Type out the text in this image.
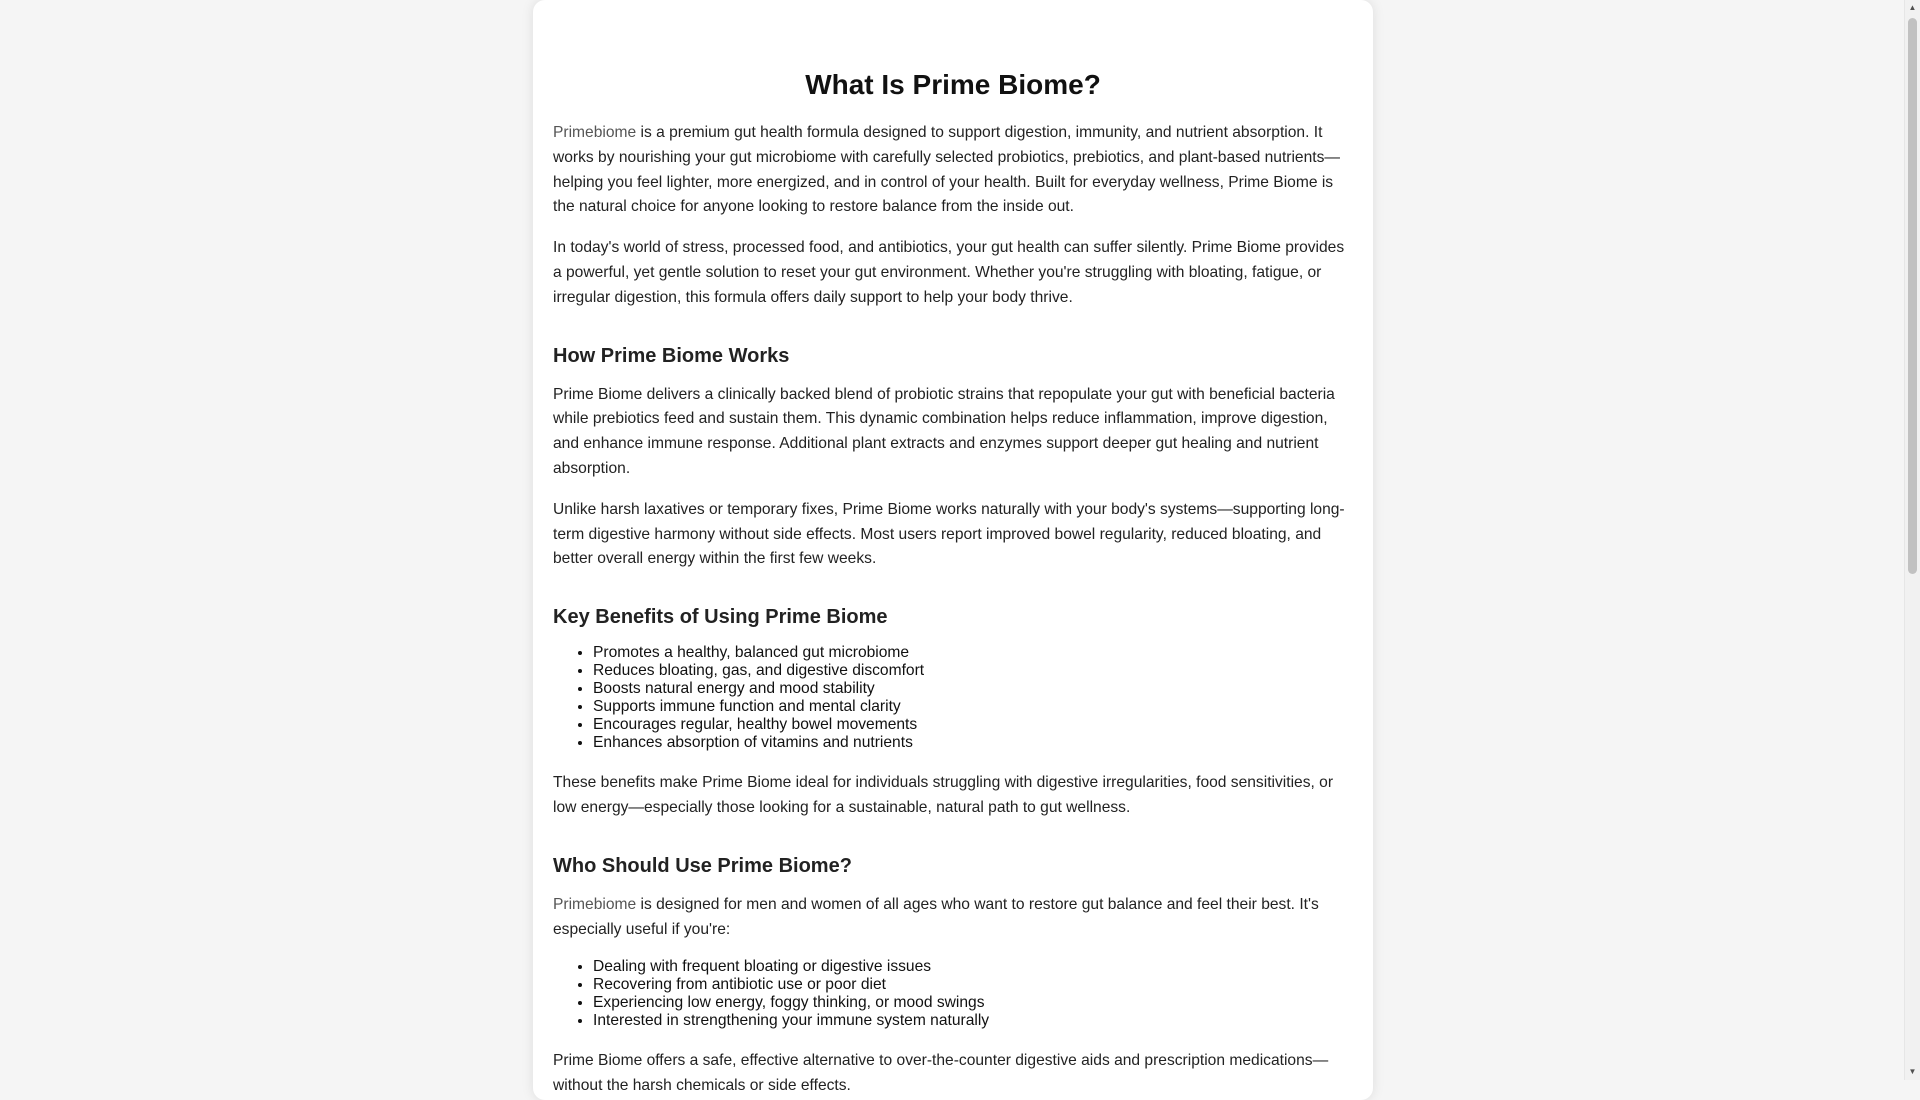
What Is Prime Biome?

Primebiome is a premium gut health formula designed to support digestion, immunity, and nutrient absorption. It works by nourishing your gut microbiome with carefully selected probiotics, prebiotics, and plant-based nutrients—helping you feel lighter, more energized, and in control of your health. Built for everyday wellness, Prime Biome is the natural choice for anyone looking to restore balance from the inside out.

In today's world of stress, processed food, and antibiotics, your gut health can suffer silently. Prime Biome provides a powerful, yet gentle solution to reset your gut environment. Whether you're struggling with bloating, fatigue, or irregular digestion, this formula offers daily support to help your body thrive.

How Prime Biome Works

Prime Biome delivers a clinically backed blend of probiotic strains that repopulate your gut with beneficial bacteria while prebiotics feed and sustain them. This dynamic combination helps reduce inflammation, improve digestion, and enhance immune response. Additional plant extracts and enzymes support deeper gut healing and nutrient absorption.

Unlike harsh laxatives or temporary fixes, Prime Biome works naturally with your body's systems—supporting long-term digestive harmony without side effects. Most users report improved bowel regularity, reduced bloating, and better overall energy within the first few weeks.

Key Benefits of Using Prime Biome
• Promotes a healthy, balanced gut microbiome
• Reduces bloating, gas, and digestive discomfort
• Boosts natural energy and mood stability
• Supports immune function and mental clarity
• Encourages regular, healthy bowel movements
• Enhances absorption of vitamins and nutrients

These benefits make Prime Biome ideal for individuals struggling with digestive irregularities, food sensitivities, or low energy—especially those looking for a sustainable, natural path to gut wellness.

Who Should Use Prime Biome?

Primebiome is designed for men and women of all ages who want to restore gut balance and feel their best. It's especially useful if you're:

• Dealing with frequent bloating or digestive issues
• Recovering from antibiotic use or poor diet
• Experiencing low energy, foggy thinking, or mood swings
• Interested in strengthening your immune system naturally

Prime Biome offers a safe, effective alternative to over-the-counter digestive aids and prescription medications—without the harsh chemicals or side effects.

▲
▼
